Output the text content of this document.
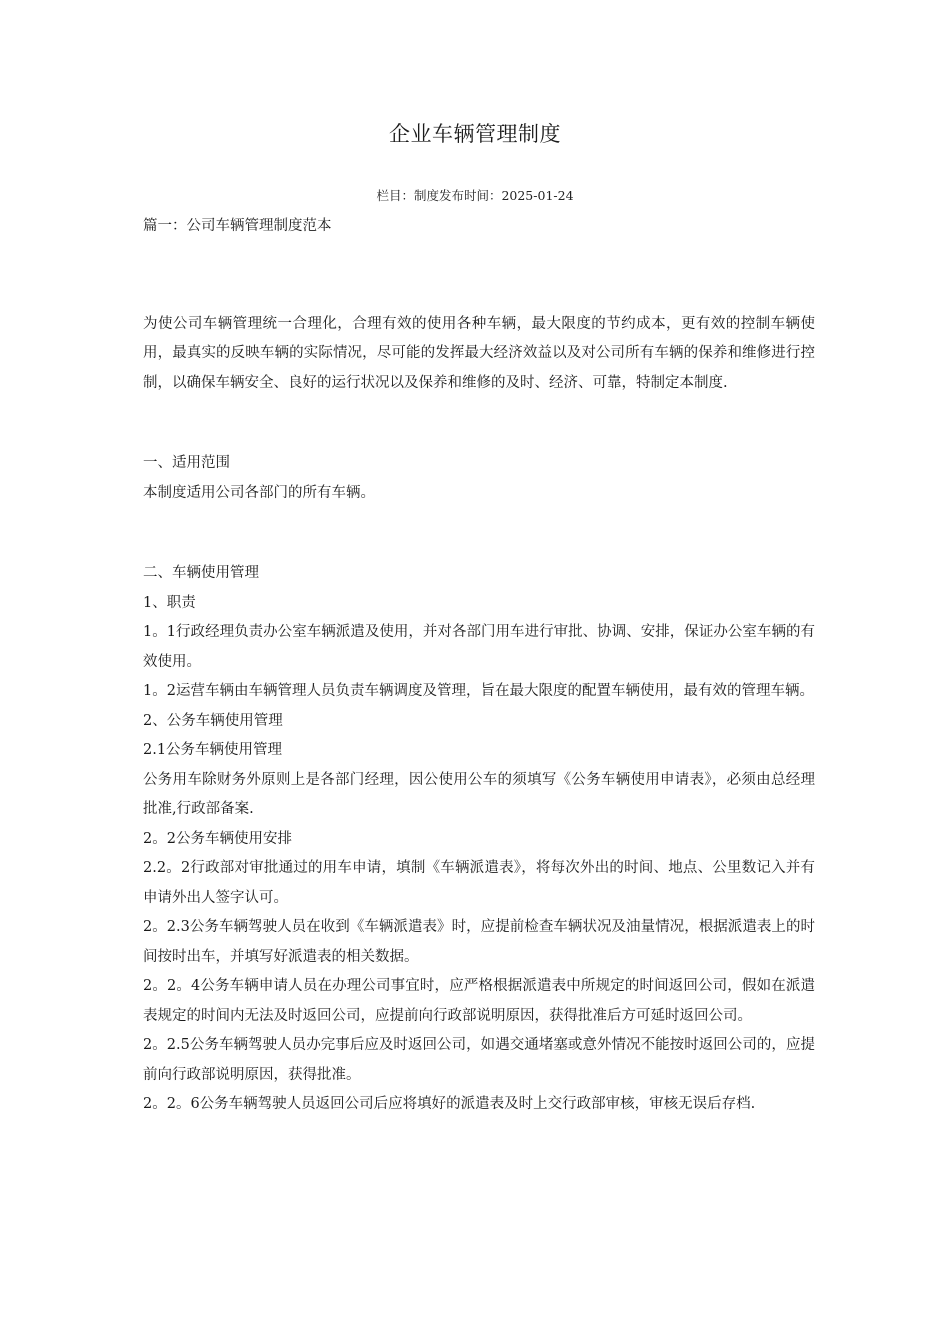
企业车辆管理制度
栏目：制度发布时间：2025-01-24

篇一：公司车辆管理制度范本

为使公司车辆管理统一合理化，合理有效的使用各种车辆，最大限度的节约成本，更有效的控制车辆使用，最真实的反映车辆的实际情况，尽可能的发挥最大经济效益以及对公司所有车辆的保养和维修进行控制，以确保车辆安全、良好的运行状况以及保养和维修的及时、经济、可靠，特制定本制度.

一、适用范围

本制度适用公司各部门的所有车辆。

二、车辆使用管理

1、职责

1。1行政经理负责办公室车辆派遣及使用，并对各部门用车进行审批、协调、安排，保证办公室车辆的有效使用。

1。2运营车辆由车辆管理人员负责车辆调度及管理，旨在最大限度的配置车辆使用，最有效的管理车辆。

2、公务车辆使用管理

2.1公务车辆使用管理

公务用车除财务外原则上是各部门经理，因公使用公车的须填写《公务车辆使用申请表》，必须由总经理批准,行政部备案.

2。2公务车辆使用安排

2.2。2行政部对审批通过的用车申请，填制《车辆派遣表》，将每次外出的时间、地点、公里数记入并有申请外出人签字认可。

2。2.3公务车辆驾驶人员在收到《车辆派遣表》时，应提前检查车辆状况及油量情况，根据派遣表上的时间按时出车，并填写好派遣表的相关数据。

2。2。4公务车辆申请人员在办理公司事宜时，应严格根据派遣表中所规定的时间返回公司，假如在派遣表规定的时间内无法及时返回公司，应提前向行政部说明原因，获得批准后方可延时返回公司。

2。2.5公务车辆驾驶人员办完事后应及时返回公司，如遇交通堵塞或意外情况不能按时返回公司的，应提前向行政部说明原因，获得批准。

2。2。6公务车辆驾驶人员返回公司后应将填好的派遣表及时上交行政部审核，审核无误后存档.
